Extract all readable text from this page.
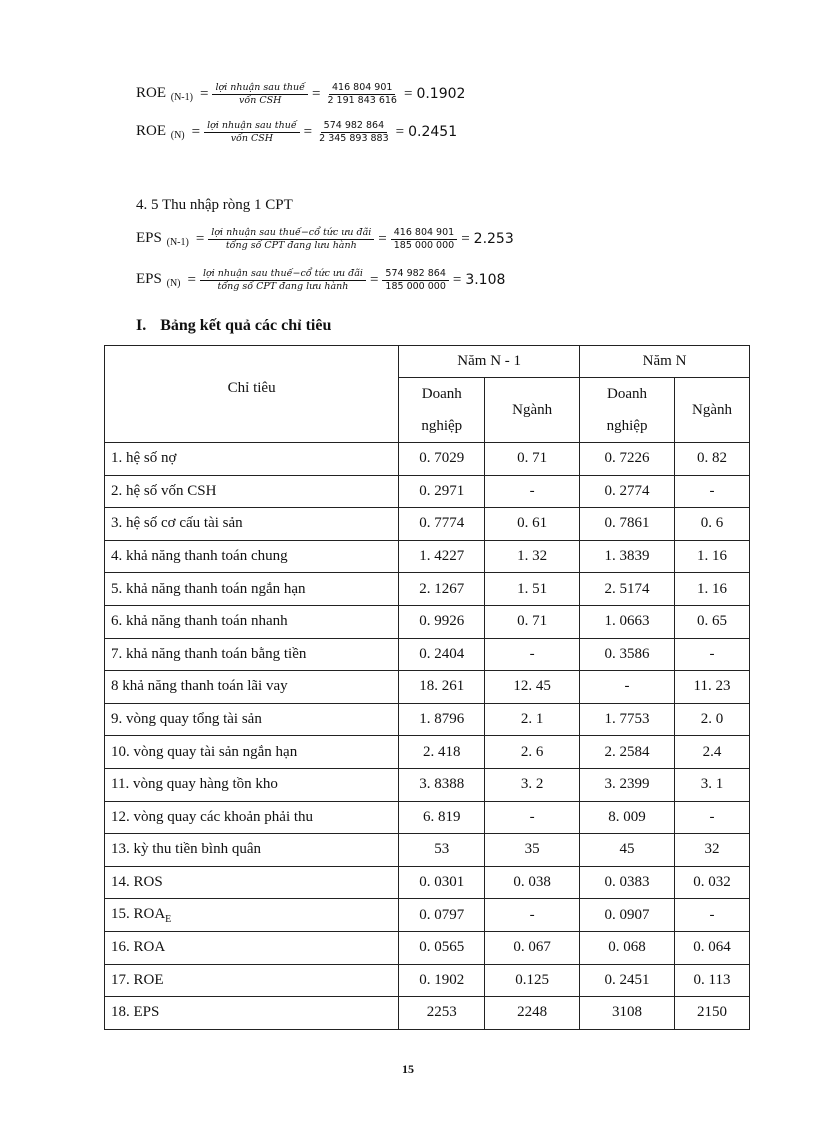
ROE $_{(N-1)} = \frac{\text{lợi nhuận sau thuế}}{\text{vốn CSH}} = \frac{416 804 901}{2 191 843 616} = 0.1902$
ROE $_{(N)} = \frac{\text{lợi nhuận sau thuế}}{\text{vốn CSH}} = \frac{574 982 864}{2 345 893 883} = 0.2451$
4. 5 Thu nhập ròng 1 CPT
EPS $_{(N-1)} = \frac{\text{lợi nhuận sau thuế−cổ tức ưu đãi}}{\text{tổng số CPT đang lưu hành}} = \frac{416 804 901}{185 000 000} = 2.253$
EPS $_{(N)} = \frac{\text{lợi nhuận sau thuế−cổ tức ưu đãi}}{\text{tổng số CPT đang lưu hành}} = \frac{574 982 864}{185 000 000} = 3.108$
I. Bảng kết quả các chỉ tiêu
Chỉ tiêu	Năm N - 1		Năm N	
	Doanh nghiệp	Ngành	Doanh nghiệp	Ngành
1. hệ số nợ	0. 7029	0. 71	0. 7226	0. 82
2. hệ số vốn CSH	0. 2971	-	0. 2774	-
3. hệ số cơ cấu tài sản	0. 7774	0. 61	0. 7861	0. 6
4. khả năng thanh toán chung	1. 4227	1. 32	1. 3839	1. 16
5. khả năng thanh toán ngắn hạn	2. 1267	1. 51	2. 5174	1. 16
6. khả năng thanh toán nhanh	0. 9926	0. 71	1. 0663	0. 65
7. khả năng thanh toán bằng tiền	0. 2404	-	0. 3586	-
8 khả năng thanh toán lãi vay	18. 261	12. 45	-	11. 23
9. vòng quay tổng tài sản	1. 8796	2. 1	1. 7753	2. 0
10. vòng quay tài sản ngắn hạn	2. 418	2. 6	2. 2584	2.4
11. vòng quay hàng tồn kho	3. 8388	3. 2	3. 2399	3. 1
12. vòng quay các khoản phải thu	6. 819	-	8. 009	-
13. kỳ thu tiền bình quân	53	35	45	32
14. ROS	0. 0301	0. 038	0. 0383	0. 032
15. $ROA_E$	0. 0797	-	0. 0907	-
16. ROA	0. 0565	0. 067	0. 068	0. 064
17. ROE	0. 1902	0.125	0. 2451	0. 113
18. EPS	2253	2248	3108	2150
15
